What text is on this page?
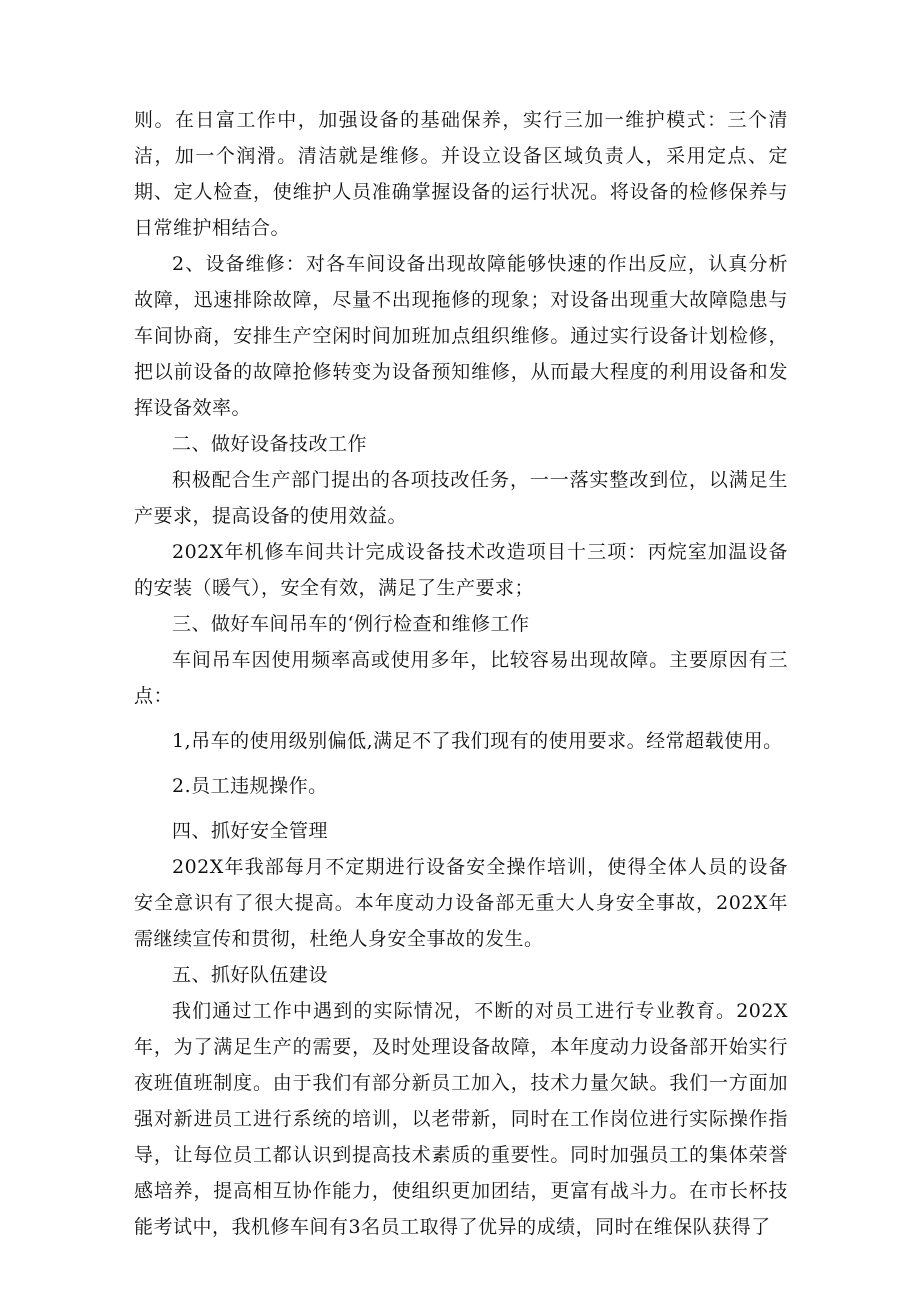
则。在日富工作中，加强设备的基础保养，实行三加一维护模式：三个清洁，加一个润滑。清洁就是维修。并设立设备区域负责人，采用定点、定期、定人检查，使维护人员准确掌握设备的运行状况。将设备的检修保养与日常维护相结合。

2、设备维修：对各车间设备出现故障能够快速的作出反应，认真分析故障，迅速排除故障，尽量不出现拖修的现象；对设备出现重大故障隐患与车间协商，安排生产空闲时间加班加点组织维修。通过实行设备计划检修，把以前设备的故障抢修转变为设备预知维修，从而最大程度的利用设备和发挥设备效率。

二、做好设备技改工作

积极配合生产部门提出的各项技改任务，一一落实整改到位，以满足生产要求，提高设备的使用效益。

202X年机修车间共计完成设备技术改造项目十三项：丙烷室加温设备的安装（暖气），安全有效，满足了生产要求；

三、做好车间吊车的‘例行检查和维修工作

车间吊车因使用频率高或使用多年，比较容易出现故障。主要原因有三点：

1,吊车的使用级别偏低,满足不了我们现有的使用要求。经常超载使用。

2.员工违规操作。

四、抓好安全管理

202X年我部每月不定期进行设备安全操作培训，使得全体人员的设备安全意识有了很大提高。本年度动力设备部无重大人身安全事故，202X年需继续宣传和贯彻，杜绝人身安全事故的发生。

五、抓好队伍建设

我们通过工作中遇到的实际情况，不断的对员工进行专业教育。202X年，为了满足生产的需要，及时处理设备故障，本年度动力设备部开始实行夜班值班制度。由于我们有部分新员工加入，技术力量欠缺。我们一方面加强对新进员工进行系统的培训，以老带新，同时在工作岗位进行实际操作指导，让每位员工都认识到提高技术素质的重要性。同时加强员工的集体荣誉感培养，提高相互协作能力，使组织更加团结，更富有战斗力。在市长杯技能考试中，我机修车间有3名员工取得了优异的成绩，同时在维保队获得了
